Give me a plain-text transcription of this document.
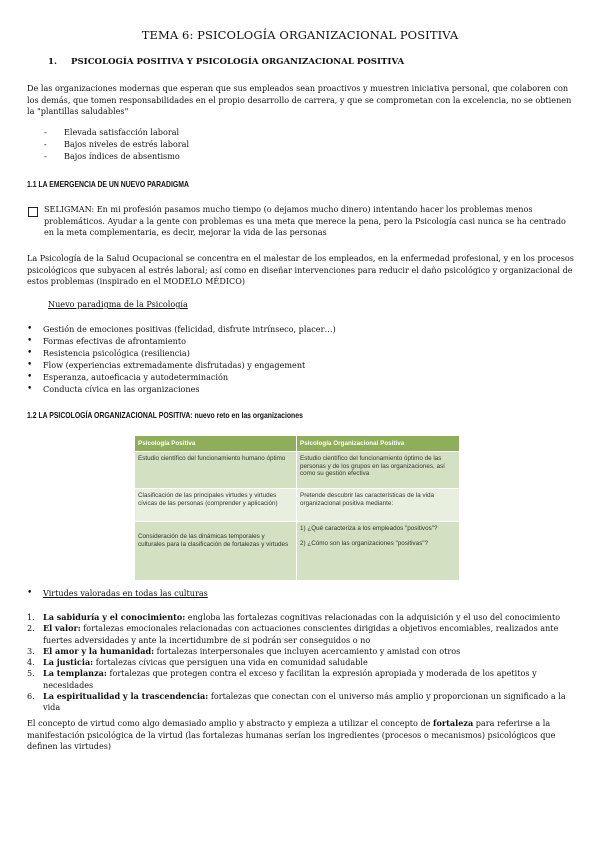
TEMA 6: PSICOLOGÍA ORGANIZACIONAL POSITIVA
1. PSICOLOGÍA POSITIVA Y PSICOLOGÍA ORGANIZACIONAL POSITIVA
De las organizaciones modernas que esperan que sus empleados sean proactivos y muestren iniciativa personal, que colaboren con los demás, que tomen responsabilidades en el propio desarrollo de carrera, y que se comprometan con la excelencia, no se obtienen la "plantillas saludables"
-	Elevada satisfacción laboral
-	Bajos niveles de estrés laboral
-	Bajos índices de absentismo
1.1 LA EMERGENCIA DE UN NUEVO PARADIGMA
SELIGMAN: En mi profesión pasamos mucho tiempo (o dejamos mucho dinero) intentando hacer los problemas menos problemáticos. Ayudar a la gente con problemas es una meta que merece la pena, pero la Psicología casi nunca se ha centrado en la meta complementaria, es decir, mejorar la vida de las personas
La Psicología de la Salud Ocupacional se concentra en el malestar de los empleados, en la enfermedad profesional, y en los procesos psicológicos que subyacen al estrés laboral; así como en diseñar intervenciones para reducir el daño psicológico y organizacional de estos problemas (inspirado en el MODELO MÉDICO)
Nuevo paradigma de la Psicología
•	Gestión de emociones positivas (felicidad, disfrute intrínseco, placer…)
•	Formas efectivas de afrontamiento
•	Resistencia psicológica (resiliencia)
•	Flow (experiencias extremadamente disfrutadas) y engagement
•	Esperanza, autoeficacia y autodeterminación
•	Conducta cívica en las organizaciones
1.2 LA PSICOLOGÍA ORGANIZACIONAL POSITIVA: nuevo reto en las organizaciones
Psicología Positiva	Psicología Organizacional Positiva
Estudio científico del funcionamiento humano óptimo	Estudio científico del funcionamiento óptimo de las personas y de los grupos en las organizaciones, así como su gestión efectiva
Clasificación de las principales virtudes y virtudes cívicas de las personas (comprender y aplicación)	Pretende descubrir las características de la vida organizacional positiva mediante:
Consideración de las dinámicas temporales y culturales para la clasificación de fortalezas y virtudes	1) ¿Qué caracteriza a los empleados "positivos"?

2) ¿Cómo son las organizaciones "positivas"?
•	Virtudes valoradas en todas las culturas
1.	La sabiduría y el conocimiento: engloba las fortalezas cognitivas relacionadas con la adquisición y el uso del conocimiento
2.	El valor: fortalezas emocionales relacionadas con actuaciones conscientes dirigidas a objetivos encomiables, realizados ante fuertes adversidades y ante la incertidumbre de si podrán ser conseguidos o no
3.	El amor y la humanidad: fortalezas interpersonales que incluyen acercamiento y amistad con otros
4.	La justicia: fortalezas cívicas que persiguen una vida en comunidad saludable
5.	La templanza: fortalezas que protegen contra el exceso y facilitan la expresión apropiada y moderada de los apetitos y necesidades
6.	La espiritualidad y la trascendencia: fortalezas que conectan con el universo más amplio y proporcionan un significado a la vida
El concepto de virtud como algo demasiado amplio y abstracto y empieza a utilizar el concepto de fortaleza para referirse a la manifestación psicológica de la virtud (las fortalezas humanas serían los ingredientes (procesos o mecanismos) psicológicos que definen las virtudes)
